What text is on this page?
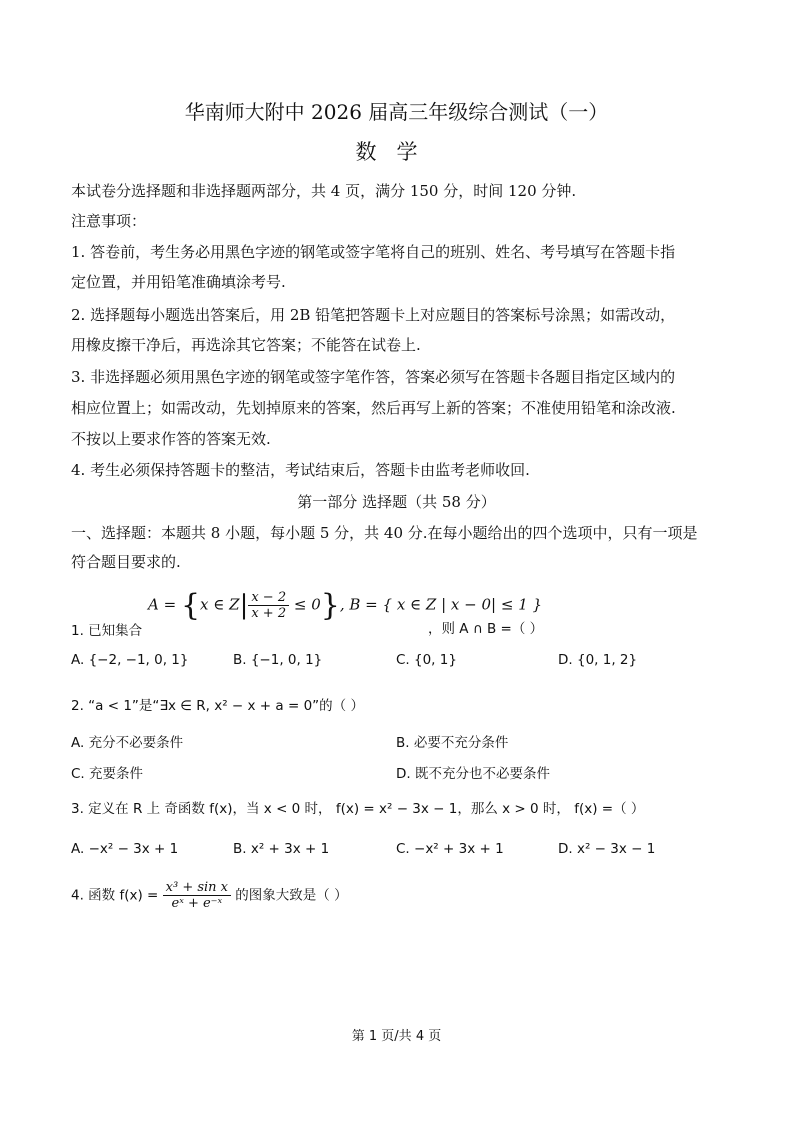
华南师大附中 2026 届高三年级综合测试（一）
数学
本试卷分选择题和非选择题两部分，共 4 页，满分 150 分，时间 120 分钟.
注意事项：
1. 答卷前，考生务必用黑色字迹的钢笔或签字笔将自己的班别、姓名、考号填写在答题卡指
定位置，并用铅笔准确填涂考号.
2. 选择题每小题选出答案后，用 2B 铅笔把答题卡上对应题目的答案标号涂黑；如需改动，
用橡皮擦干净后，再选涂其它答案；不能答在试卷上.
3. 非选择题必须用黑色字迹的钢笔或签字笔作答，答案必须写在答题卡各题目指定区域内的
相应位置上；如需改动，先划掉原来的答案，然后再写上新的答案；不准使用铅笔和涂改液.
不按以上要求作答的答案无效.
4. 考生必须保持答题卡的整洁，考试结束后，答题卡由监考老师收回.
第一部分 选择题（共 58 分）
一、选择题：本题共 8 小题，每小题 5 分，共 40 分.在每小题给出的四个选项中，只有一项是
符合题目要求的.
1. 已知集合
A = {x ∈ $Z| \frac{x - 2}{x + 2} \le 0$}, B = { x ∈ Z | x − 0| ≤ 1 }
，则 A ∩ B =（ ）
A. {−2, −1, 0, 1}	B. {−1, 0, 1}	C. {0, 1}	D. {0, 1, 2}
2. “a < 1”是“∃x ∈ R, x² − x + a = 0”的（ ）
A. 充分不必要条件	B. 必要不充分条件
C. 充要条件	D. 既不充分也不必要条件
3. 定义在 R 上 奇函数 f(x)，当 x < 0 时， f(x) = x² − 3x − 1，那么 x > 0 时， f(x) =（ ）
A. −x² − 3x + 1	B. x² + 3x + 1	C. −x² + 3x + 1	D. x² − 3x − 1
4. 函数 $f(x) = \frac{\text{x³ + sin x}}{\text{eˣ + e⁻ˣ}}$ 的图象大致是（ ）
第 1 页/共 4 页
